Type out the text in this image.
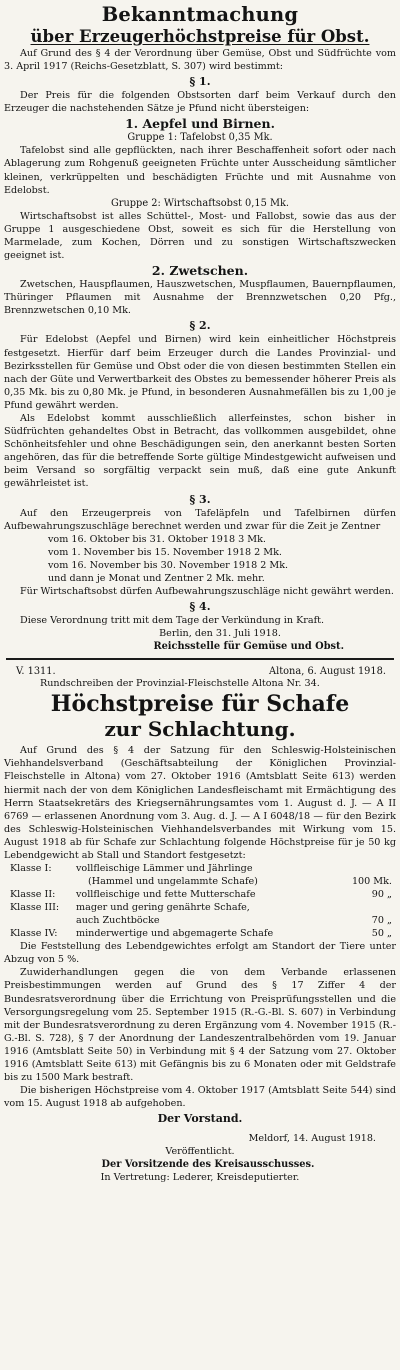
Bekanntmachung
über Erzeugerhöchstpreise für Obst.

Auf Grund des § 4 der Verordnung über Gemüse, Obst und Südfrüchte vom 3. April 1917 (Reichs-Gesetzblatt, S. 307) wird bestimmt:

§ 1.

Der Preis für die folgenden Obstsorten darf beim Verkauf durch den Erzeuger die nachstehenden Sätze je Pfund nicht übersteigen:

1. Aepfel und Birnen.
Gruppe 1: Tafelobst 0,35 Mk.

Tafelobst sind alle gepflückten, nach ihrer Beschaffenheit sofort oder nach Ablagerung zum Rohgenuß geeigneten Früchte unter Ausscheidung sämtlicher kleinen, verkrüppelten und beschädigten Früchte und mit Ausnahme von Edelobst.

Gruppe 2: Wirtschaftsobst 0,15 Mk.

Wirtschaftsobst ist alles Schüttel-, Most- und Fallobst, sowie das aus der Gruppe 1 ausgeschiedene Obst, soweit es sich für die Herstellung von Marmelade, zum Kochen, Dörren und zu sonstigen Wirtschaftszwecken geeignet ist.

2. Zwetschen.

Zwetschen, Hauspflaumen, Hauszwetschen, Muspflaumen, Bauernpflaumen, Thüringer Pflaumen mit Ausnahme der Brennzwetschen 0,20 Pfg., Brennzwetschen 0,10 Mk.

§ 2.

Für Edelobst (Aepfel und Birnen) wird kein einheitlicher Höchstpreis festgesetzt. Hierfür darf beim Erzeuger durch die Landes Provinzial- und Bezirksstellen für Gemüse und Obst oder die von diesen bestimmten Stellen ein nach der Güte und Verwertbarkeit des Obstes zu bemessender höherer Preis als 0,35 Mk. bis zu 0,80 Mk. je Pfund, in besonderen Ausnahmefällen bis zu 1,00 je Pfund gewährt werden.

Als Edelobst kommt ausschließlich allerfeinstes, schon bisher in Südfrüchten gehandeltes Obst in Betracht, das vollkommen ausgebildet, ohne Schönheitsfehler und ohne Beschädigungen sein, den anerkannt besten Sorten angehören, das für die betreffende Sorte gültige Mindestgewicht aufweisen und beim Versand so sorgfältig verpackt sein muß, daß eine gute Ankunft gewährleistet ist.

§ 3.

Auf den Erzeugerpreis von Tafeläpfeln und Tafelbirnen dürfen Aufbewahrungszuschläge berechnet werden und zwar für die Zeit je Zentner

vom 16. Oktober bis 31. Oktober 1918 3 Mk.

vom 1. November bis 15. November 1918 2 Mk.

vom 16. November bis 30. November 1918 2 Mk.

und dann je Monat und Zentner 2 Mk. mehr.

Für Wirtschaftsobst dürfen Aufbewahrungszuschläge nicht gewährt werden.

§ 4.

Diese Verordnung tritt mit dem Tage der Verkündung in Kraft.

Berlin, den 31. Juli 1918.
Reichsstelle für Gemüse und Obst.
V. 1311.	Altona, 6. August 1918.
Rundschreiben der Provinzial-Fleischstelle Altona Nr. 34.
Höchstpreise für Schafe
zur Schlachtung.

Auf Grund des § 4 der Satzung für den Schleswig-Holsteinischen Viehhandelsverband (Geschäftsabteilung der Königlichen Provinzial-Fleischstelle in Altona) vom 27. Oktober 1916 (Amtsblatt Seite 613) werden hiermit nach der von dem Königlichen Landesfleischamt mit Ermächtigung des Herrn Staatsekretärs des Kriegsernährungsamtes vom 1. August d. J. — A II 6769 — erlassenen Anordnung vom 3. Aug. d. J. — A I 6048/18 — für den Bezirk des Schleswig-Holsteinischen Viehhandelsverbandes mit Wirkung vom 15. August 1918 ab für Schafe zur Schlachtung folgende Höchstpreise für je 50 kg Lebendgewicht ab Stall und Standort festgesetzt:

Klasse I:	vollfleischige Lämmer und Jährlinge
(Hammel und ungelammte Schafe)	100 Mk.
Klasse II:	vollfleischige und fette Mutterschafe	90 „
Klasse III:	mager und gering genährte Schafe,
auch Zuchtböcke	70 „
Klasse IV:	minderwertige und abgemagerte Schafe	50 „

Die Feststellung des Lebendgewichtes erfolgt am Standort der Tiere unter Abzug von 5 %.

Zuwiderhandlungen gegen die von dem Verbande erlassenen Preisbestimmungen werden auf Grund des § 17 Ziffer 4 der Bundesratsverordnung über die Errichtung von Preisprüfungsstellen und die Versorgungsregelung vom 25. September 1915 (R.-G.-Bl. S. 607) in Verbindung mit der Bundesratsverordnung zu deren Ergänzung vom 4. November 1915 (R.-G.-Bl. S. 728), § 7 der Anordnung der Landeszentralbehörden vom 19. Januar 1916 (Amtsblatt Seite 50) in Verbindung mit § 4 der Satzung vom 27. Oktober 1916 (Amtsblatt Seite 613) mit Gefängnis bis zu 6 Monaten oder mit Geldstrafe bis zu 1500 Mark bestraft.

Die bisherigen Höchstpreise vom 4. Oktober 1917 (Amtsblatt Seite 544) sind vom 15. August 1918 ab aufgehoben.

Der Vorstand.
Meldorf, 14. August 1918.
Veröffentlicht.
Der Vorsitzende des Kreisausschusses.
In Vertretung: Lederer, Kreisdeputierter.
